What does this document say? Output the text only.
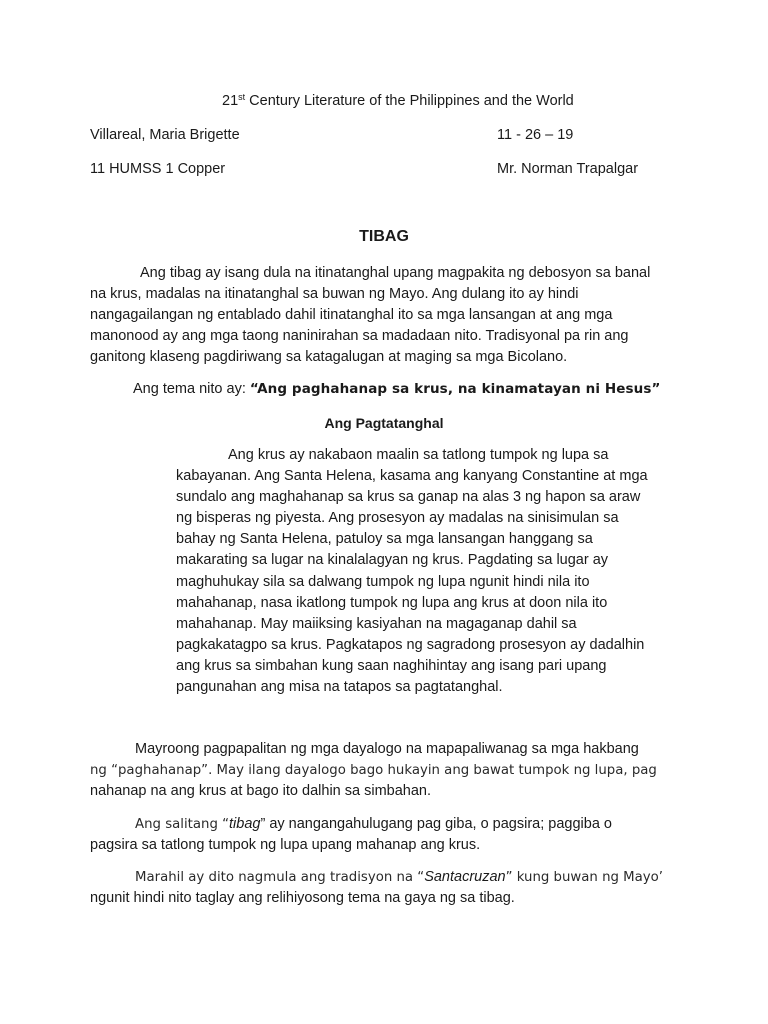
21st Century Literature of the Philippines and the World
Villareal, Maria Brigette	11 - 26 – 19
11 HUMSS 1 Copper	Mr. Norman Trapalgar
TIBAG

Ang tibag ay isang dula na itinatanghal upang magpakita ng debosyon sa banal
na krus, madalas na itinatanghal sa buwan ng Mayo. Ang dulang ito ay hindi
nangagailangan ng entablado dahil itinatanghal ito sa mga lansangan at ang mga
manonood ay ang mga taong naninirahan sa madadaan nito. Tradisyonal pa rin ang
ganitong klaseng pagdiriwang sa katagalugan at maging sa mga Bicolano.

Ang tema nito ay: “Ang paghahanap sa krus, na kinamatayan ni Hesus”
Ang Pagtatanghal

Ang krus ay nakabaon maalin sa tatlong tumpok ng lupa sa
kabayanan. Ang Santa Helena, kasama ang kanyang Constantine at mga
sundalo ang maghahanap sa krus sa ganap na alas 3 ng hapon sa araw
ng bisperas ng piyesta. Ang prosesyon ay madalas na sinisimulan sa
bahay ng Santa Helena, patuloy sa mga lansangan hanggang sa
makarating sa lugar na kinalalagyan ng krus. Pagdating sa lugar ay
maghuhukay sila sa dalwang tumpok ng lupa ngunit hindi nila ito
mahahanap, nasa ikatlong tumpok ng lupa ang krus at doon nila ito
mahahanap. May maiiksing kasiyahan na magaganap dahil sa
pagkakatagpo sa krus. Pagkatapos ng sagradong prosesyon ay dadalhin
ang krus sa simbahan kung saan naghihintay ang isang pari upang
pangunahan ang misa na tatapos sa pagtatanghal.

Mayroong pagpapalitan ng mga dayalogo na mapapaliwanag sa mga hakbang
ng “paghahanap”. May ilang dayalogo bago hukayin ang bawat tumpok ng lupa, pag
nahanap na ang krus at bago ito dalhin sa simbahan.

Ang salitang “tibag” ay nangangahulugang pag giba, o pagsira; paggiba o
pagsira sa tatlong tumpok ng lupa upang mahanap ang krus.

Marahil ay dito nagmula ang tradisyon na “Santacruzan” kung buwan ng Mayo’
ngunit hindi nito taglay ang relihiyosong tema na gaya ng sa tibag.
